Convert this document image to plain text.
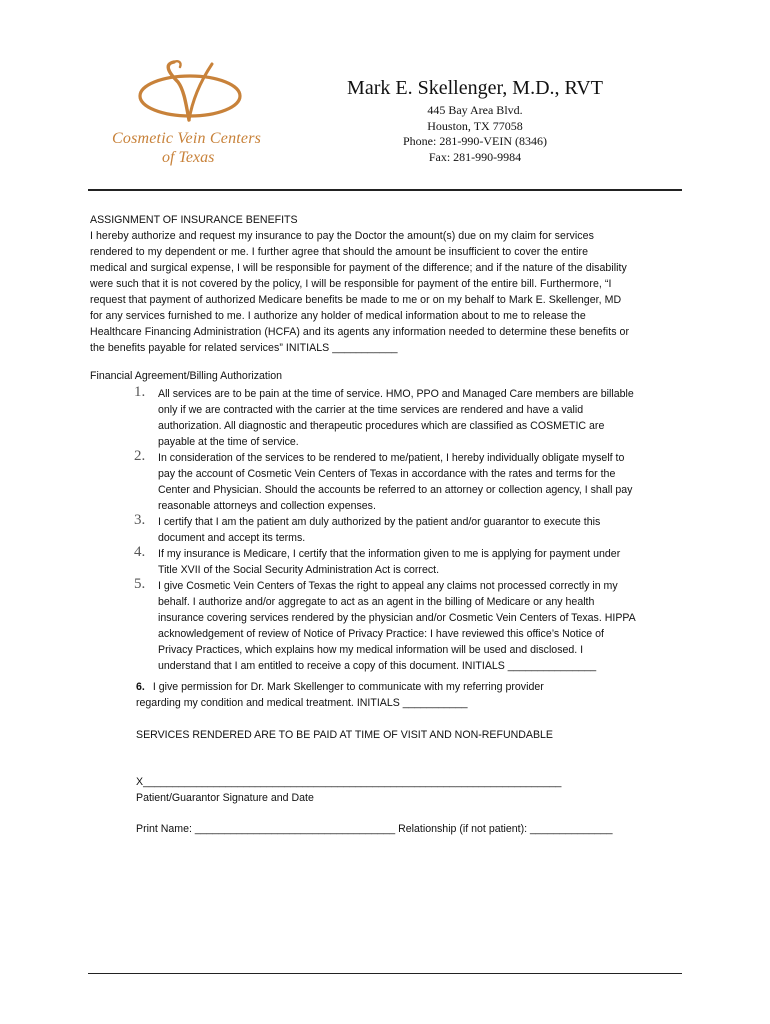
Cosmetic Vein Centers
of Texas
Mark E. Skellenger, M.D., RVT
445 Bay Area Blvd.
Houston, TX 77058
Phone: 281-990-VEIN (8346)
Fax: 281-990-9984
ASSIGNMENT OF INSURANCE BENEFITS
I hereby authorize and request my insurance to pay the Doctor the amount(s) due on my claim for services
rendered to my dependent or me. I further agree that should the amount be insufficient to cover the entire
medical and surgical expense, I will be responsible for payment of the difference; and if the nature of the disability
were such that it is not covered by the policy, I will be responsible for payment of the entire bill. Furthermore, “I
request that payment of authorized Medicare benefits be made to me or on my behalf to Mark E. Skellenger, MD
for any services furnished to me. I authorize any holder of medical information about to me to release the
Healthcare Financing Administration (HCFA) and its agents any information needed to determine these benefits or
the benefits payable for related services” INITIALS ___________
Financial Agreement/Billing Authorization
1. All services are to be pain at the time of service. HMO, PPO and Managed Care members are billable
only if we are contracted with the carrier at the time services are rendered and have a valid
authorization. All diagnostic and therapeutic procedures which are classified as COSMETIC are
payable at the time of service.
2. In consideration of the services to be rendered to me/patient, I hereby individually obligate myself to
pay the account of Cosmetic Vein Centers of Texas in accordance with the rates and terms for the
Center and Physician. Should the accounts be referred to an attorney or collection agency, I shall pay
reasonable attorneys and collection expenses.
3. I certify that I am the patient am duly authorized by the patient and/or guarantor to execute this
document and accept its terms.
4. If my insurance is Medicare, I certify that the information given to me is applying for payment under
Title XVII of the Social Security Administration Act is correct.
5. I give Cosmetic Vein Centers of Texas the right to appeal any claims not processed correctly in my
behalf. I authorize and/or aggregate to act as an agent in the billing of Medicare or any health
insurance covering services rendered by the physician and/or Cosmetic Vein Centers of Texas. HIPPA
acknowledgement of review of Notice of Privacy Practice: I have reviewed this office’s Notice of
Privacy Practices, which explains how my medical information will be used and disclosed. I
understand that I am entitled to receive a copy of this document. INITIALS _______________
6. I give permission for Dr. Mark Skellenger to communicate with my referring provider
regarding my condition and medical treatment. INITIALS ___________
SERVICES RENDERED ARE TO BE PAID AT TIME OF VISIT AND NON-REFUNDABLE
X_______________________________________________________________________
Patient/Guarantor Signature and Date
Print Name: __________________________________ Relationship (if not patient): ______________
